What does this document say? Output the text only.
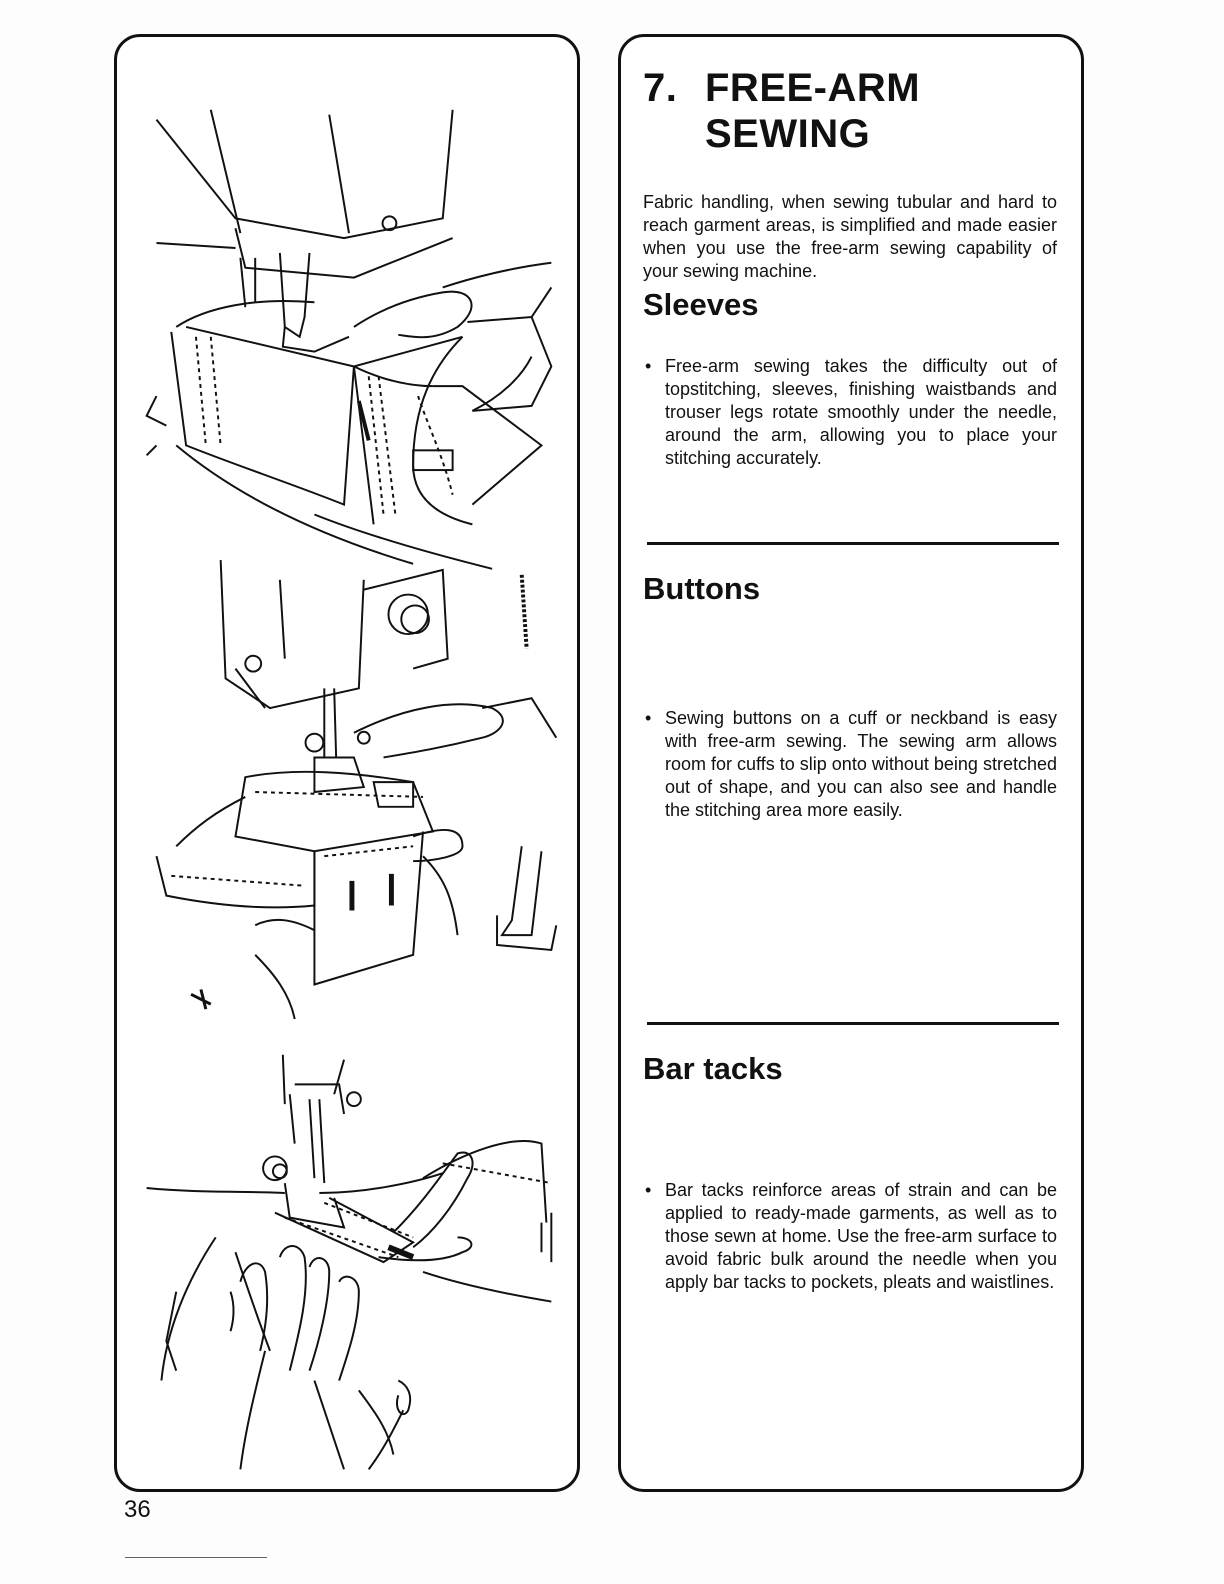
7. FREE-ARM
SEWING

Fabric handling, when sewing tubular and hard to reach garment areas, is simplified and made easier when you use the free-arm sewing capability of your sewing machine.

Sleeves

• Free-arm sewing takes the difficulty out of topstitching, sleeves, finishing waistbands and trouser legs rotate smoothly under the needle, around the arm, allowing you to place your stitching accurately.

Buttons

• Sewing buttons on a cuff or neckband is easy with free-arm sewing. The sewing arm allows room for cuffs to slip onto without being stretched out of shape, and you can also see and handle the stitching area more easily.

Bar tacks

• Bar tacks reinforce areas of strain and can be applied to ready-made garments, as well as to those sewn at home. Use the free-arm surface to avoid fabric bulk around the needle when you apply bar tacks to pockets, pleats and waistlines.

36
